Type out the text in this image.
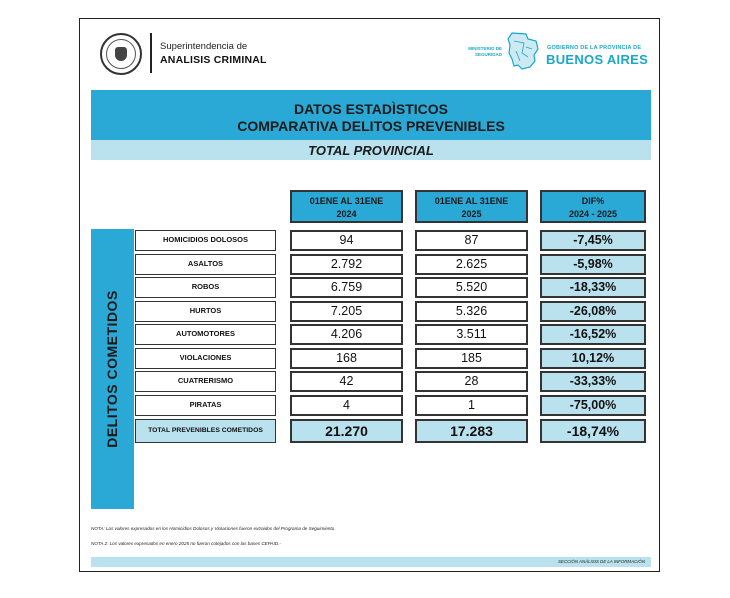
Superintendencia de
ANALISIS CRIMINAL
MINISTERIO DE
SEGURIDAD
GOBIERNO DE LA PROVINCIA DE
BUENOS AIRES
DATOS ESTADÌSTICOS
COMPARATIVA DELITOS PREVENIBLES
TOTAL PROVINCIAL
01ENE AL 31ENE
2024
01ENE AL 31ENE
2025
DIF%
2024 - 2025
DELITOS COMETIDOS
HOMICIDIOS DOLOSOS	94	87	-7,45%
ASALTOS	2.792	2.625	-5,98%
ROBOS	6.759	5.520	-18,33%
HURTOS	7.205	5.326	-26,08%
AUTOMOTORES	4.206	3.511	-16,52%
VIOLACIONES	168	185	10,12%
CUATRERISMO	42	28	-33,33%
PIRATAS	4	1	-75,00%
TOTAL PREVENIBLES COMETIDOS	21.270	17.283	-18,74%
NOTA: Los valores expresados en los Homicidios Dolosos y Violaciones fueron extraidos del Programa de Seguimiento.
NOTA 2: Los valores expresados en enero 2025 no fueron cotejados con las bases CEPAID.-
SECCIÓN ANÁLISIS DE LA INFORMACIÓN
